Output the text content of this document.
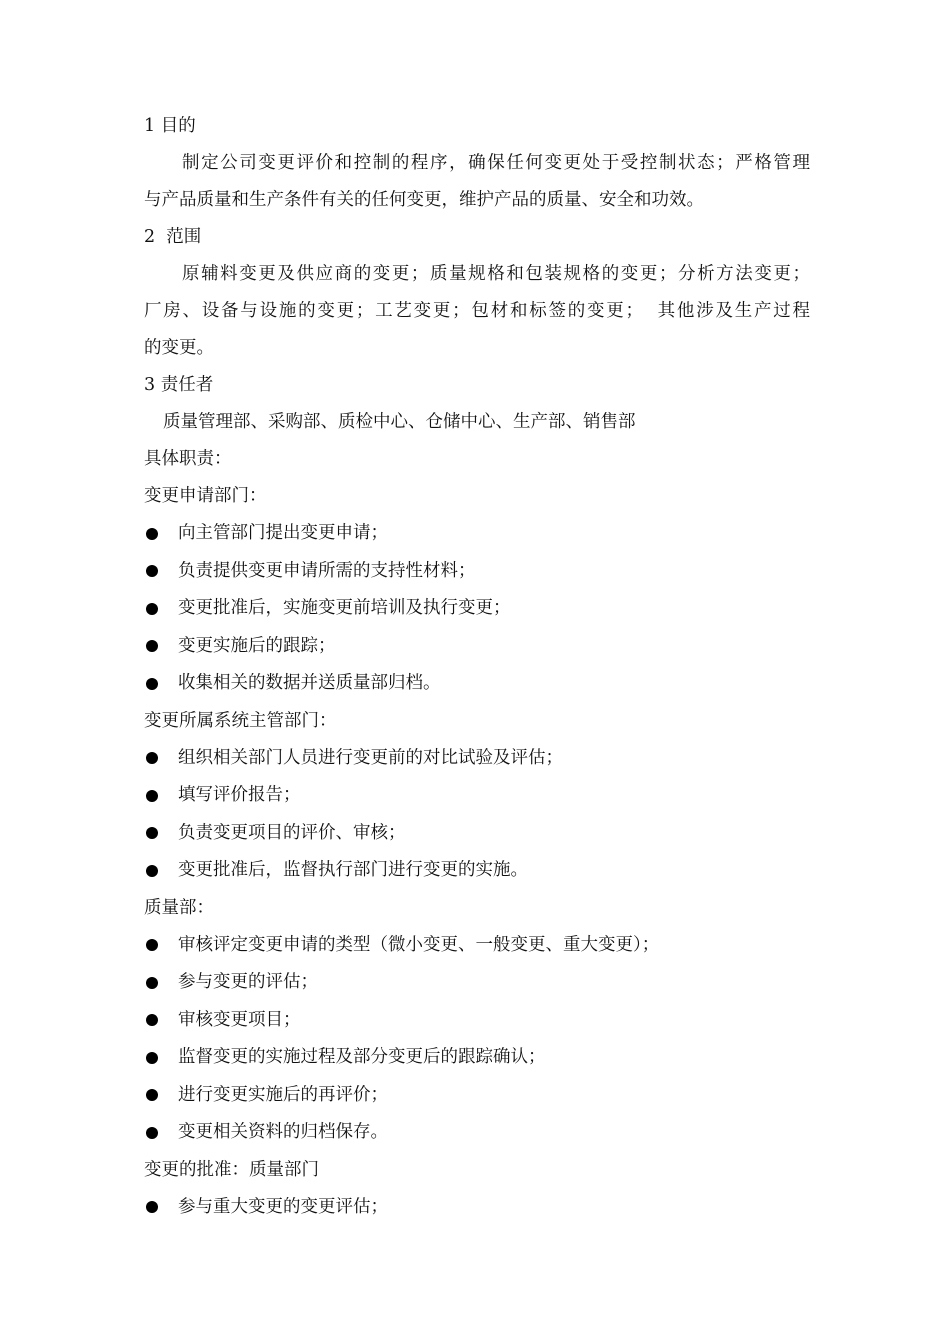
1 目的
制定公司变更评价和控制的程序，确保任何变更处于受控制状态；严格管理
与产品质量和生产条件有关的任何变更，维护产品的质量、安全和功效。
2  范围
原辅料变更及供应商的变更；质量规格和包装规格的变更；分析方法变更；
厂房、设备与设施的变更；工艺变更；包材和标签的变更；  其他涉及生产过程
的变更。
3 责任者
质量管理部、采购部、质检中心、仓储中心、生产部、销售部
具体职责：
变更申请部门：
向主管部门提出变更申请；
负责提供变更申请所需的支持性材料；
变更批准后，实施变更前培训及执行变更；
变更实施后的跟踪；
收集相关的数据并送质量部归档。
变更所属系统主管部门：
组织相关部门人员进行变更前的对比试验及评估；
填写评价报告；
负责变更项目的评价、审核；
变更批准后，监督执行部门进行变更的实施。
质量部：
审核评定变更申请的类型（微小变更、一般变更、重大变更）；
参与变更的评估；
审核变更项目；
监督变更的实施过程及部分变更后的跟踪确认；
进行变更实施后的再评价；
变更相关资料的归档保存。
变更的批准：质量部门
参与重大变更的变更评估；
